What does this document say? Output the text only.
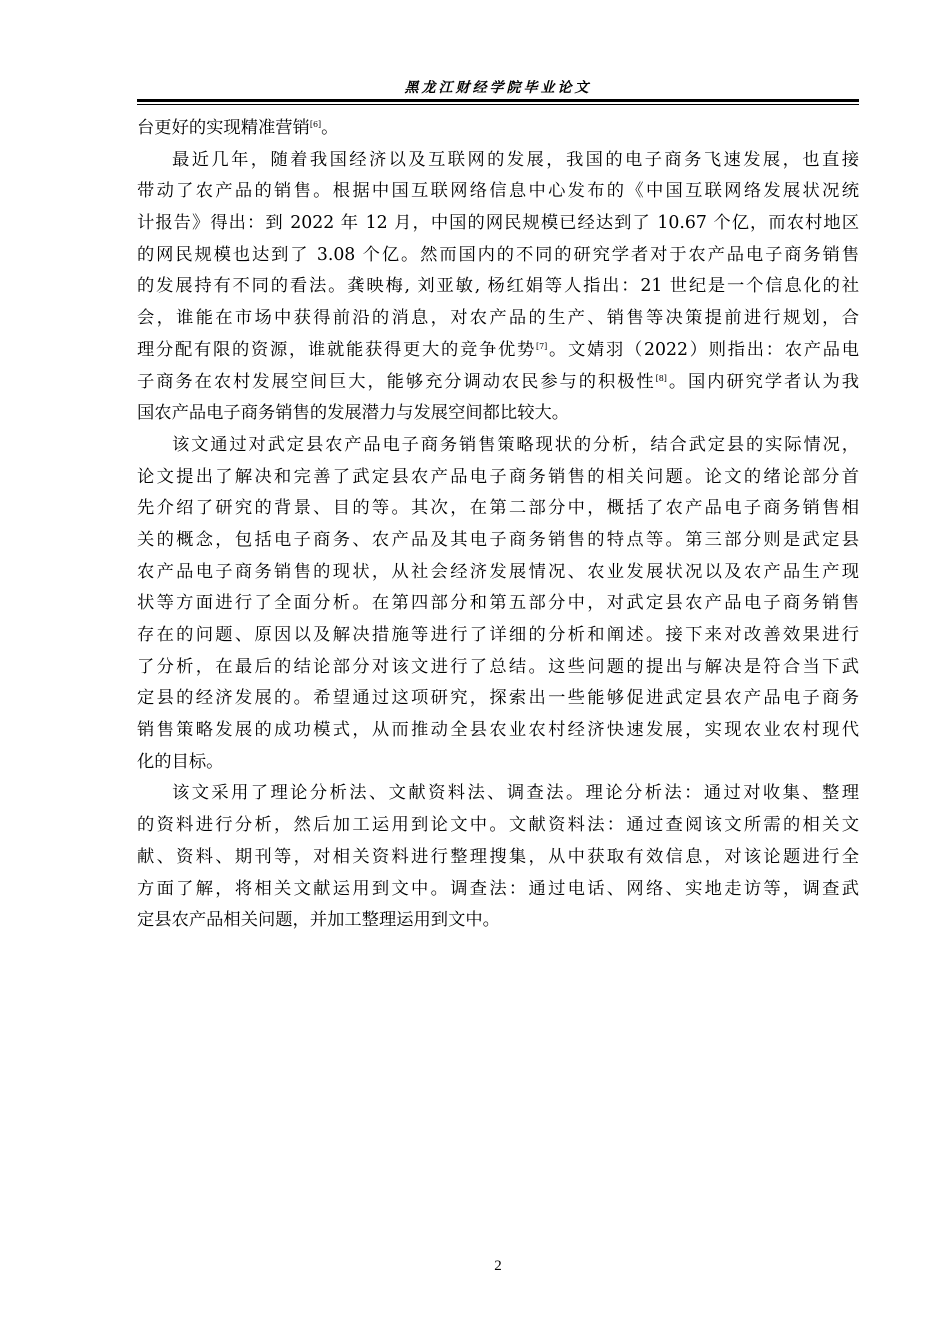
黑龙江财经学院毕业论文
台更好的实现精准营销[6]。
最近几年，随着我国经济以及互联网的发展，我国的电子商务飞速发展，也直接
带动了农产品的销售。根据中国互联网络信息中心发布的《中国互联网络发展状况统
计报告》得出：到 2022 年 12 月，中国的网民规模已经达到了 10.67 个亿，而农村地区
的网民规模也达到了 3.08 个亿。然而国内的不同的研究学者对于农产品电子商务销售
的发展持有不同的看法。龚映梅, 刘亚敏, 杨红娟等人指出：21 世纪是一个信息化的社
会，谁能在市场中获得前沿的消息，对农产品的生产、销售等决策提前进行规划，合
理分配有限的资源，谁就能获得更大的竞争优势[7]。文婧羽（2022）则指出：农产品电
子商务在农村发展空间巨大，能够充分调动农民参与的积极性[8]。国内研究学者认为我
国农产品电子商务销售的发展潜力与发展空间都比较大。
该文通过对武定县农产品电子商务销售策略现状的分析，结合武定县的实际情况，
论文提出了解决和完善了武定县农产品电子商务销售的相关问题。论文的绪论部分首
先介绍了研究的背景、目的等。其次，在第二部分中，概括了农产品电子商务销售相
关的概念，包括电子商务、农产品及其电子商务销售的特点等。第三部分则是武定县
农产品电子商务销售的现状，从社会经济发展情况、农业发展状况以及农产品生产现
状等方面进行了全面分析。在第四部分和第五部分中，对武定县农产品电子商务销售
存在的问题、原因以及解决措施等进行了详细的分析和阐述。接下来对改善效果进行
了分析，在最后的结论部分对该文进行了总结。这些问题的提出与解决是符合当下武
定县的经济发展的。希望通过这项研究，探索出一些能够促进武定县农产品电子商务
销售策略发展的成功模式，从而推动全县农业农村经济快速发展，实现农业农村现代
化的目标。
该文采用了理论分析法、文献资料法、调查法。理论分析法：通过对收集、整理
的资料进行分析，然后加工运用到论文中。文献资料法：通过查阅该文所需的相关文
献、资料、期刊等，对相关资料进行整理搜集，从中获取有效信息，对该论题进行全
方面了解，将相关文献运用到文中。调查法：通过电话、网络、实地走访等，调查武
定县农产品相关问题，并加工整理运用到文中。
2
